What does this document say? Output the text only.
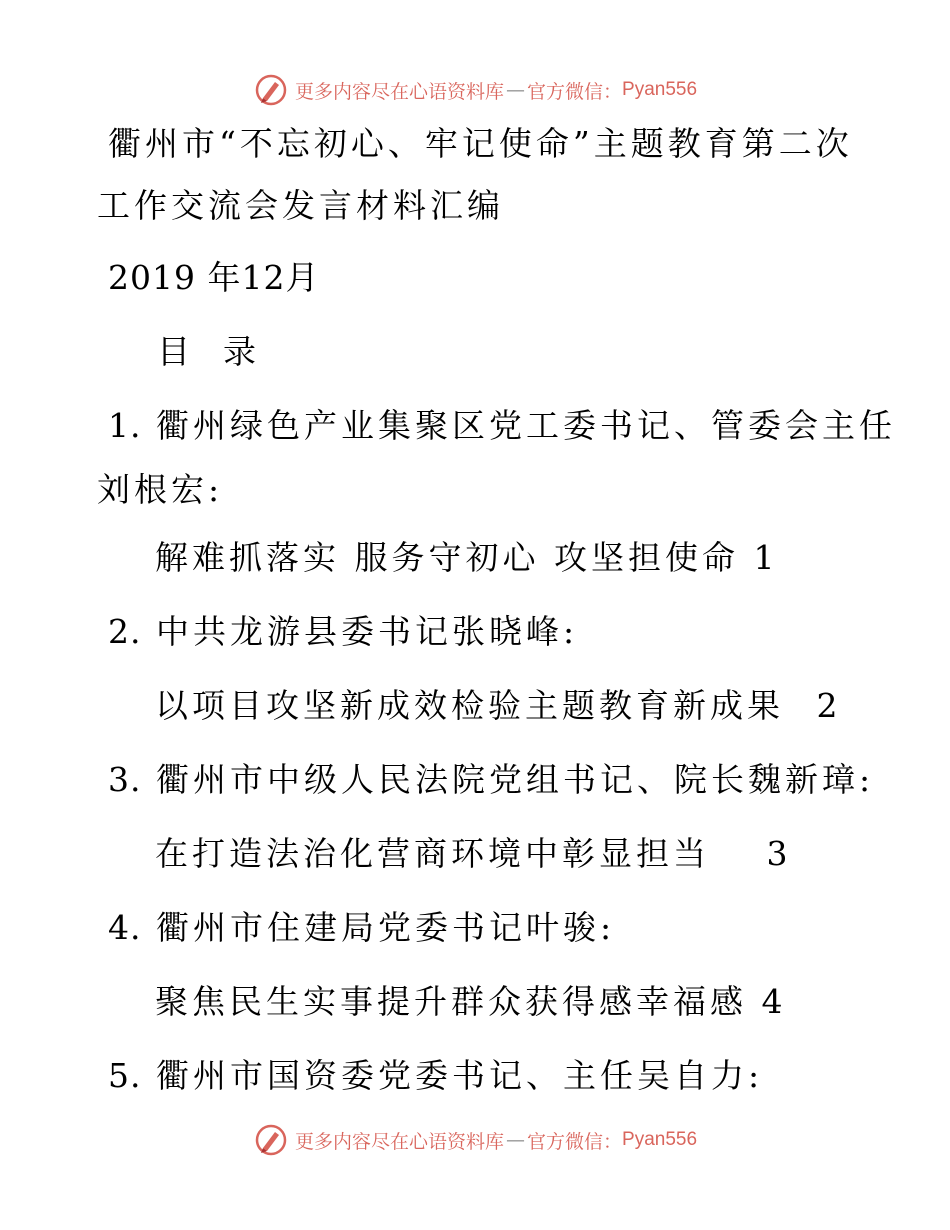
更多内容尽在心语资料库 — 官方微信 ： Pyan556
衢州市“不忘初心、牢记使命”主题教育第二次
工作交流会发言材料汇编
2019 年12月
目  录
1. 衢州绿色产业集聚区党工委书记、管委会主任
刘根宏:
解难抓落实 服务守初心 攻坚担使命 1
2. 中共龙游县委书记张晓峰:
以项目攻坚新成效检验主题教育新成果 2
3. 衢州市中级人民法院党组书记、院长魏新璋:
在打造法治化营商环境中彰显担当 3
4. 衢州市住建局党委书记叶骏:
聚焦民生实事提升群众获得感幸福感 4
5. 衢州市国资委党委书记、主任吴自力:
更多内容尽在心语资料库 — 官方微信 ： Pyan556
